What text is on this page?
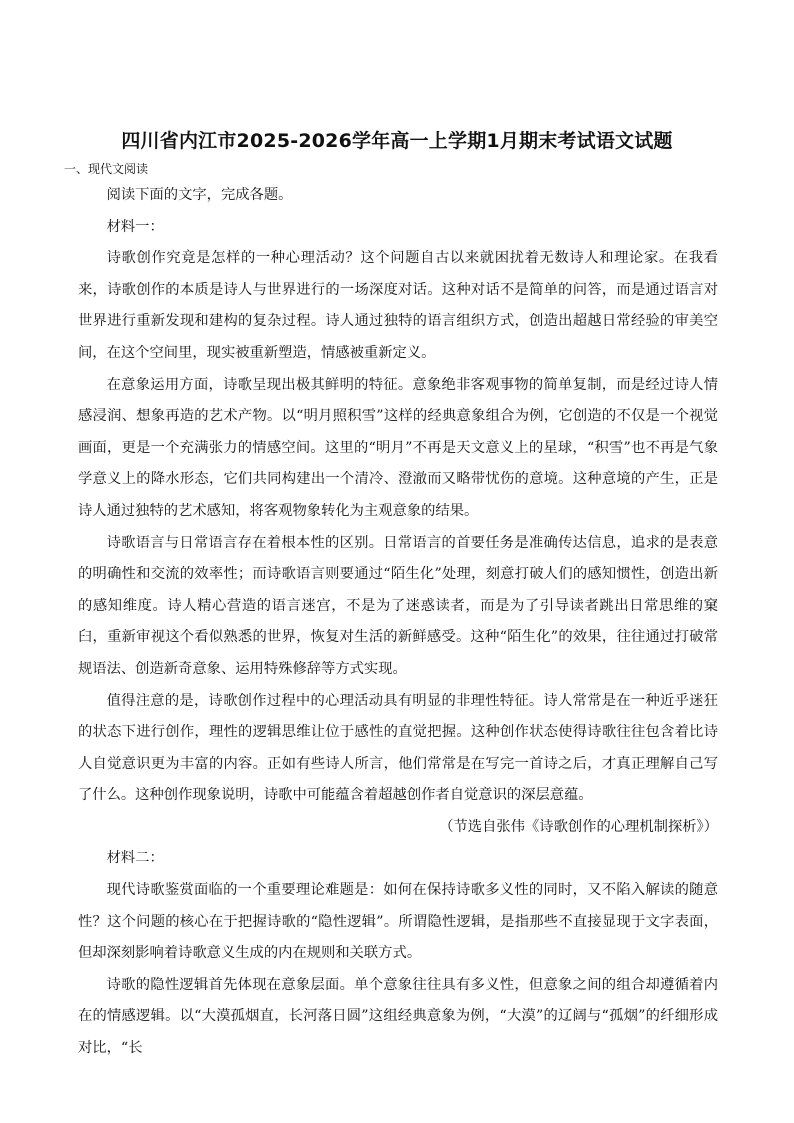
四川省内江市2025-2026学年高一上学期1月期末考试语文试题
一、现代文阅读

阅读下面的文字，完成各题。

材料一：

诗歌创作究竟是怎样的一种心理活动？这个问题自古以来就困扰着无数诗人和理论家。在我看来，诗歌创作的本质是诗人与世界进行的一场深度对话。这种对话不是简单的问答，而是通过语言对世界进行重新发现和建构的复杂过程。诗人通过独特的语言组织方式，创造出超越日常经验的审美空间，在这个空间里，现实被重新塑造，情感被重新定义。

在意象运用方面，诗歌呈现出极其鲜明的特征。意象绝非客观事物的简单复制，而是经过诗人情感浸润、想象再造的艺术产物。以“明月照积雪”这样的经典意象组合为例，它创造的不仅是一个视觉画面，更是一个充满张力的情感空间。这里的“明月”不再是天文意义上的星球，“积雪”也不再是气象学意义上的降水形态，它们共同构建出一个清冷、澄澈而又略带忧伤的意境。这种意境的产生，正是诗人通过独特的艺术感知，将客观物象转化为主观意象的结果。

诗歌语言与日常语言存在着根本性的区别。日常语言的首要任务是准确传达信息，追求的是表意的明确性和交流的效率性；而诗歌语言则要通过“陌生化”处理，刻意打破人们的感知惯性，创造出新的感知维度。诗人精心营造的语言迷宫，不是为了迷惑读者，而是为了引导读者跳出日常思维的窠臼，重新审视这个看似熟悉的世界，恢复对生活的新鲜感受。这种“陌生化”的效果，往往通过打破常规语法、创造新奇意象、运用特殊修辞等方式实现。

值得注意的是，诗歌创作过程中的心理活动具有明显的非理性特征。诗人常常是在一种近乎迷狂的状态下进行创作，理性的逻辑思维让位于感性的直觉把握。这种创作状态使得诗歌往往包含着比诗人自觉意识更为丰富的内容。正如有些诗人所言，他们常常是在写完一首诗之后，才真正理解自己写了什么。这种创作现象说明，诗歌中可能蕴含着超越创作者自觉意识的深层意蕴。

（节选自张伟《诗歌创作的心理机制探析》）

材料二：

现代诗歌鉴赏面临的一个重要理论难题是：如何在保持诗歌多义性的同时，又不陷入解读的随意性？这个问题的核心在于把握诗歌的“隐性逻辑”。所谓隐性逻辑，是指那些不直接显现于文字表面，但却深刻影响着诗歌意义生成的内在规则和关联方式。

诗歌的隐性逻辑首先体现在意象层面。单个意象往往具有多义性，但意象之间的组合却遵循着内在的情感逻辑。以“大漠孤烟直，长河落日圆”这组经典意象为例，“大漠”的辽阔与“孤烟”的纤细形成对比，“长
